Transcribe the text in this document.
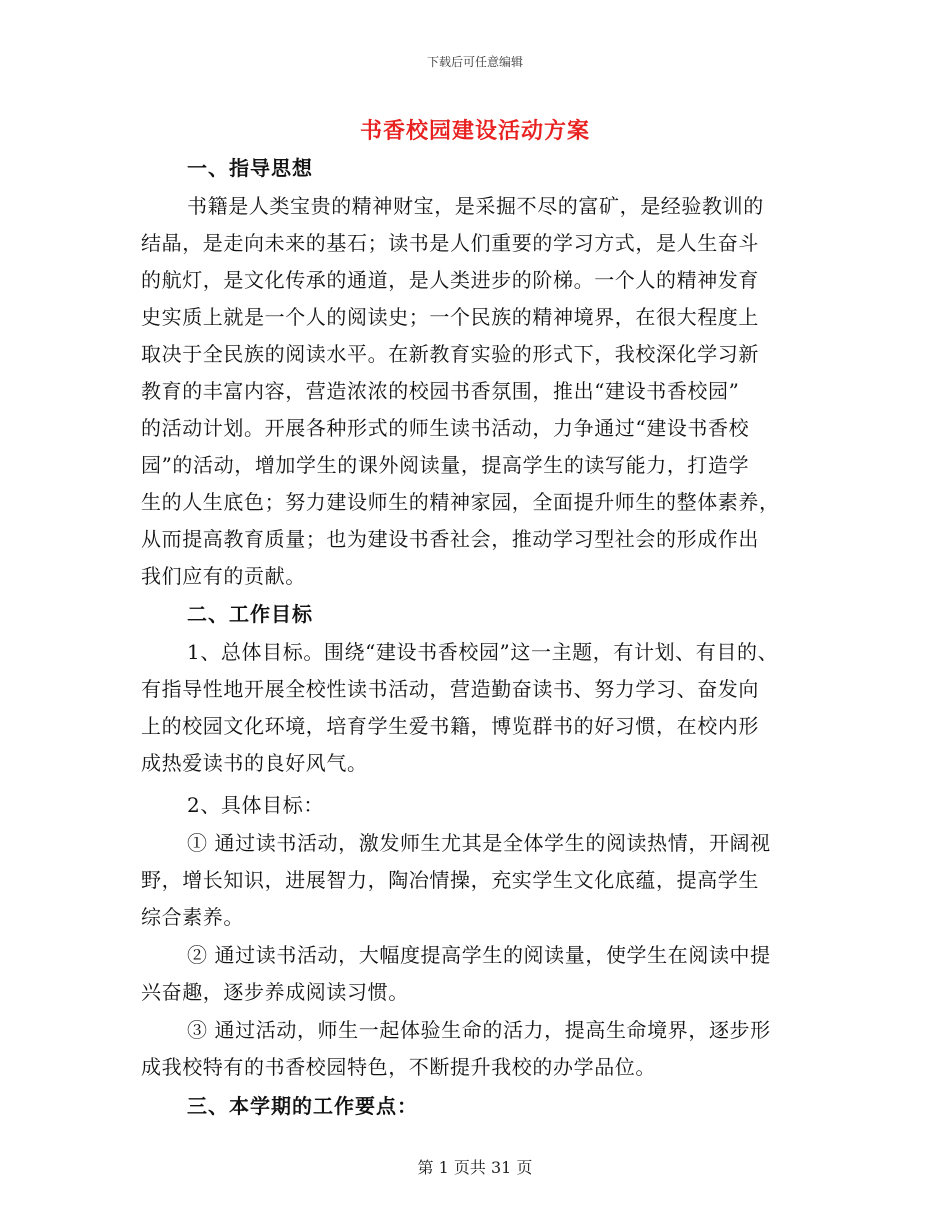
下载后可任意编辑
书香校园建设活动方案
一、指导思想
书籍是人类宝贵的精神财宝，是采掘不尽的富矿，是经验教训的
结晶，是走向未来的基石；读书是人们重要的学习方式，是人生奋斗
的航灯，是文化传承的通道，是人类进步的阶梯。一个人的精神发育
史实质上就是一个人的阅读史；一个民族的精神境界，在很大程度上
取决于全民族的阅读水平。在新教育实验的形式下，我校深化学习新
教育的丰富内容，营造浓浓的校园书香氛围，推出“建设书香校园”
的活动计划。开展各种形式的师生读书活动，力争通过“建设书香校
园”的活动，增加学生的课外阅读量，提高学生的读写能力，打造学
生的人生底色；努力建设师生的精神家园，全面提升师生的整体素养，
从而提高教育质量；也为建设书香社会，推动学习型社会的形成作出
我们应有的贡献。
二、工作目标
1、总体目标。围绕“建设书香校园”这一主题，有计划、有目的、
有指导性地开展全校性读书活动，营造勤奋读书、努力学习、奋发向
上的校园文化环境，培育学生爱书籍，博览群书的好习惯，在校内形
成热爱读书的良好风气。
2、具体目标：
① 通过读书活动，激发师生尤其是全体学生的阅读热情，开阔视
野，增长知识，进展智力，陶冶情操，充实学生文化底蕴，提高学生
综合素养。
② 通过读书活动，大幅度提高学生的阅读量，使学生在阅读中提
兴奋趣，逐步养成阅读习惯。
③ 通过活动，师生一起体验生命的活力，提高生命境界，逐步形
成我校特有的书香校园特色，不断提升我校的办学品位。
三、本学期的工作要点：
第 1 页共 31 页
